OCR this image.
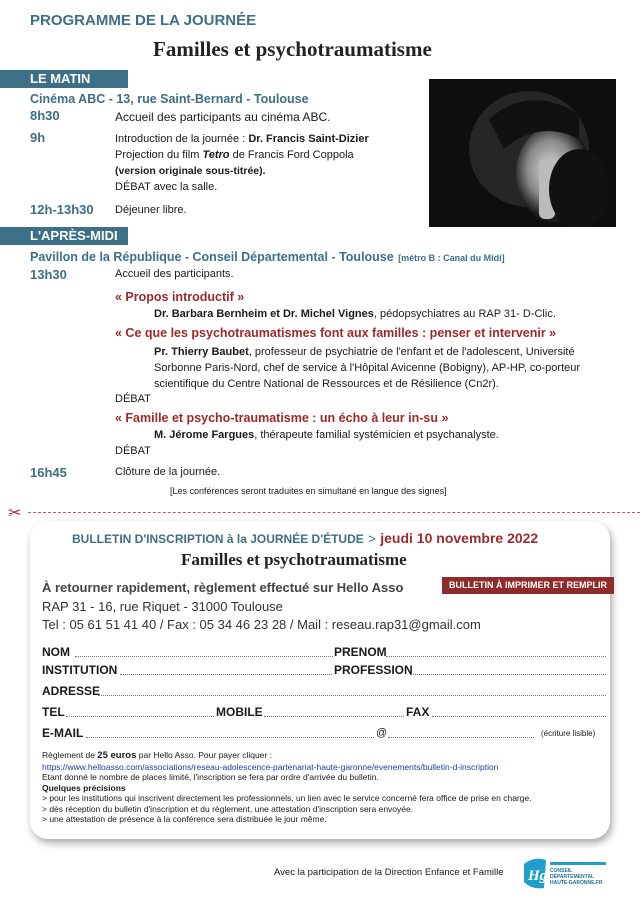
PROGRAMME DE LA JOURNÉE
Familles et psychotraumatisme
LE MATIN
Cinéma ABC - 13, rue Saint-Bernard - Toulouse
8h30	Accueil des participants au cinéma ABC.
9h	Introduction de la journée : Dr. Francis Saint-Dizier
Projection du film Tetro de Francis Ford Coppola
(version originale sous-titrée).
DÉBAT avec la salle.
12h-13h30 Déjeuner libre.
L'APRÈS-MIDI
Pavillon de la République - Conseil Départemental - Toulouse [métro B : Canal du Midi]
13h30	Accueil des participants.
« Propos introductif »
Dr. Barbara Bernheim et Dr. Michel Vignes, pédopsychiatres au RAP 31- D-Clic.
« Ce que les psychotraumatismes font aux familles : penser et intervenir »
Pr. Thierry Baubet, professeur de psychiatrie de l'enfant et de l'adolescent, Université
Sorbonne Paris-Nord, chef de service à l'Hôpital Avicenne (Bobigny), AP-HP, co-porteur
scientifique du Centre National de Ressources et de Résilience (Cn2r).
DÉBAT
« Famille et psycho-traumatisme : un écho à leur in-su »
M. Jérome Fargues, thérapeute familial systémicien et psychanalyste.
DÉBAT
16h45	Clôture de la journée.
[Les conférences seront traduites en simultané en langue des signes]
✂
BULLETIN D'INSCRIPTION à la JOURNÉE D'ÉTUDE > jeudi 10 novembre 2022
Familles et psychotraumatisme
À retourner rapidement, règlement effectué sur Hello Asso	BULLETIN À IMPRIMER ET REMPLIR
RAP 31 - 16, rue Riquet - 31000 Toulouse
Tel : 05 61 51 41 40 / Fax : 05 34 46 23 28 / Mail : reseau.rap31@gmail.com
NOM	PRENOM
INSTITUTION	PROFESSION
ADRESSE
TEL	MOBILE	FAX
E-MAIL	@	(écriture lisible)
Règlement de 25 euros par Hello Asso. Pour payer cliquer :
https://www.helloasso.com/associations/reseau-adolescence-partenariat-haute-garonne/evenements/bulletin-d-inscription
Etant donné le nombre de places limité, l'inscription se fera par ordre d'arrivée du bulletin.
Quelques précisions
> pour les institutions qui inscrivent directement les professionnels, un lien avec le service concerné fera office de prise en charge.
> dès réception du bulletin d'inscription et du règlement, une attestation d'inscription sera envoyée.
> une attestation de présence à la conférence sera distribuée le jour même.
Avec la participation de la Direction Enfance et Famille Hg CONSEIL DÉPARTEMENTAL HAUTE-GARONNE.FR
